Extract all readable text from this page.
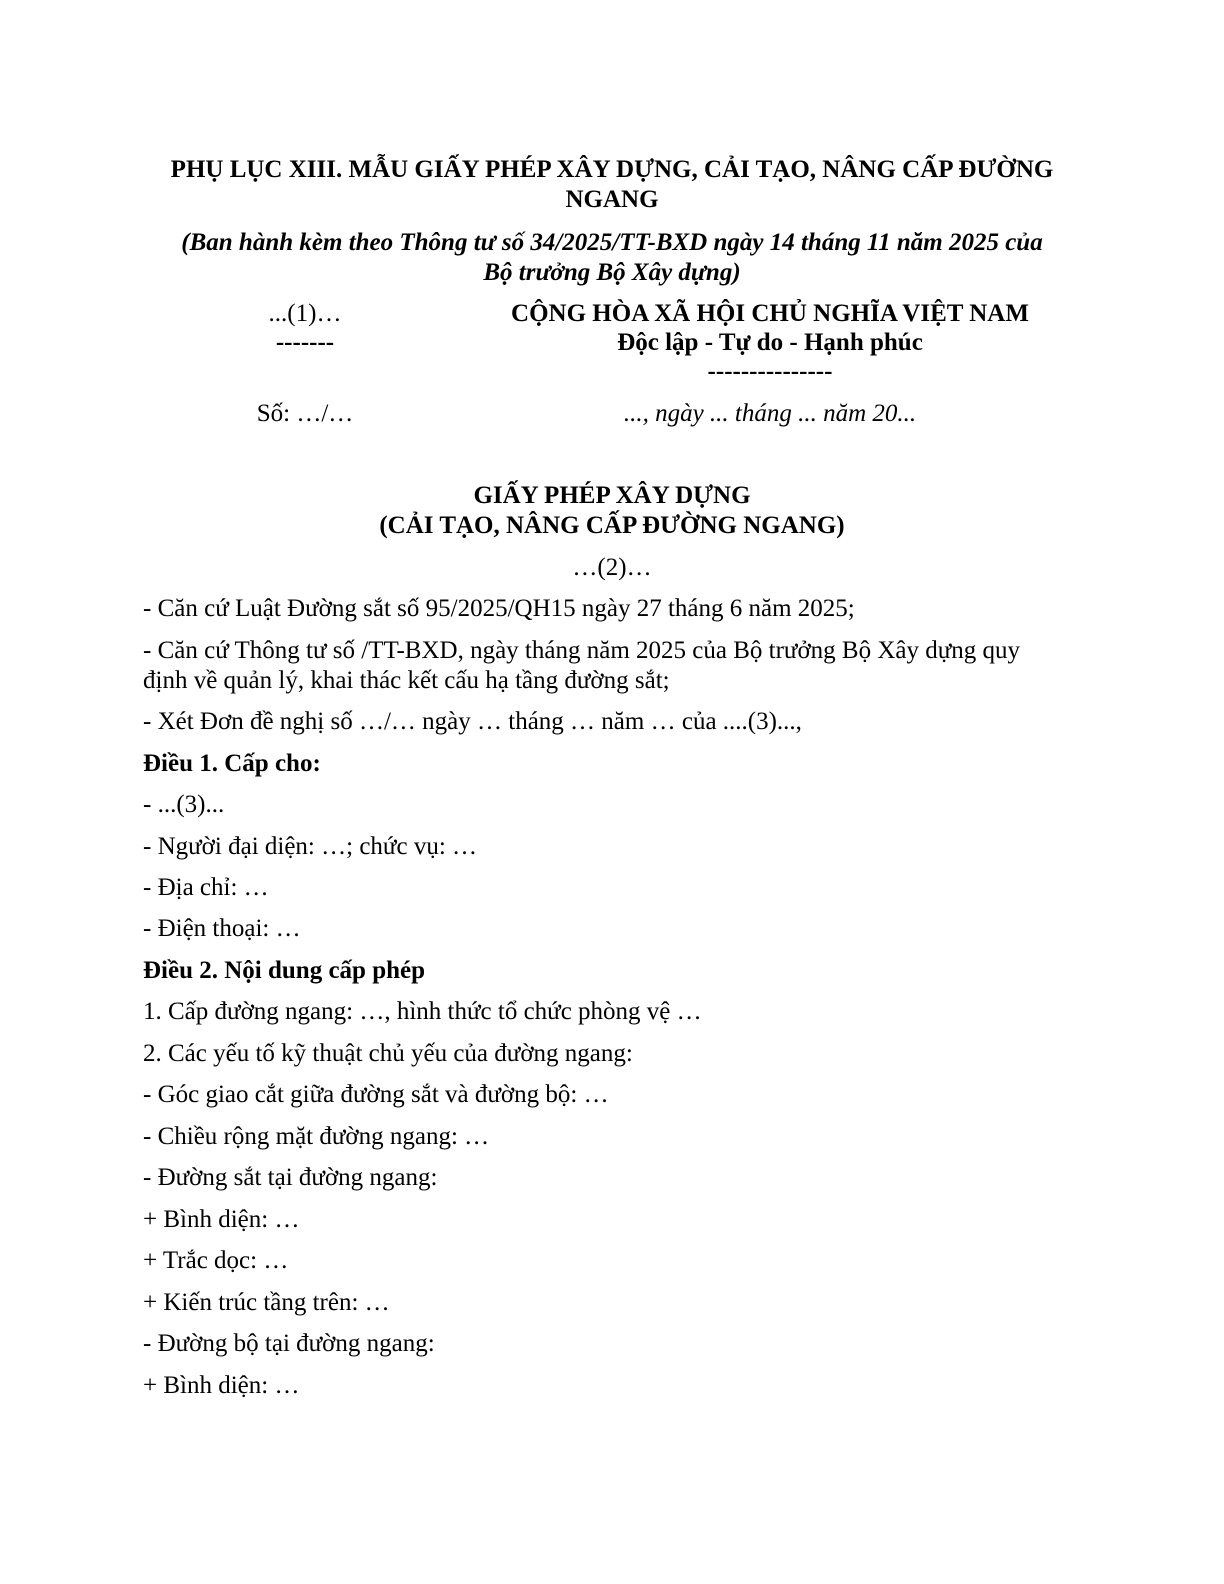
PHỤ LỤC XIII. MẪU GIẤY PHÉP XÂY DỰNG, CẢI TẠO, NÂNG CẤP ĐƯỜNG
NGANG
(Ban hành kèm theo Thông tư số 34/2025/TT-BXD ngày 14 tháng 11 năm 2025 của
Bộ trưởng Bộ Xây dựng)
...(1)…
-------
Số: …/…
CỘNG HÒA XÃ HỘI CHỦ NGHĨA VIỆT NAM
Độc lập - Tự do - Hạnh phúc
---------------
..., ngày ... tháng ... năm 20...
GIẤY PHÉP XÂY DỰNG
(CẢI TẠO, NÂNG CẤP ĐƯỜNG NGANG)
…(2)…
- Căn cứ Luật Đường sắt số 95/2025/QH15 ngày 27 tháng 6 năm 2025;
- Căn cứ Thông tư số /TT-BXD, ngày tháng năm 2025 của Bộ trưởng Bộ Xây dựng quy
định về quản lý, khai thác kết cấu hạ tầng đường sắt;
- Xét Đơn đề nghị số …/… ngày … tháng … năm … của ....(3)...,
Điều 1. Cấp cho:
- ...(3)...
- Người đại diện: …; chức vụ: …
- Địa chỉ: …
- Điện thoại: …
Điều 2. Nội dung cấp phép
1. Cấp đường ngang: …, hình thức tổ chức phòng vệ …
2. Các yếu tố kỹ thuật chủ yếu của đường ngang:
- Góc giao cắt giữa đường sắt và đường bộ: …
- Chiều rộng mặt đường ngang: …
- Đường sắt tại đường ngang:
+ Bình diện: …
+ Trắc dọc: …
+ Kiến trúc tầng trên: …
- Đường bộ tại đường ngang:
+ Bình diện: …
